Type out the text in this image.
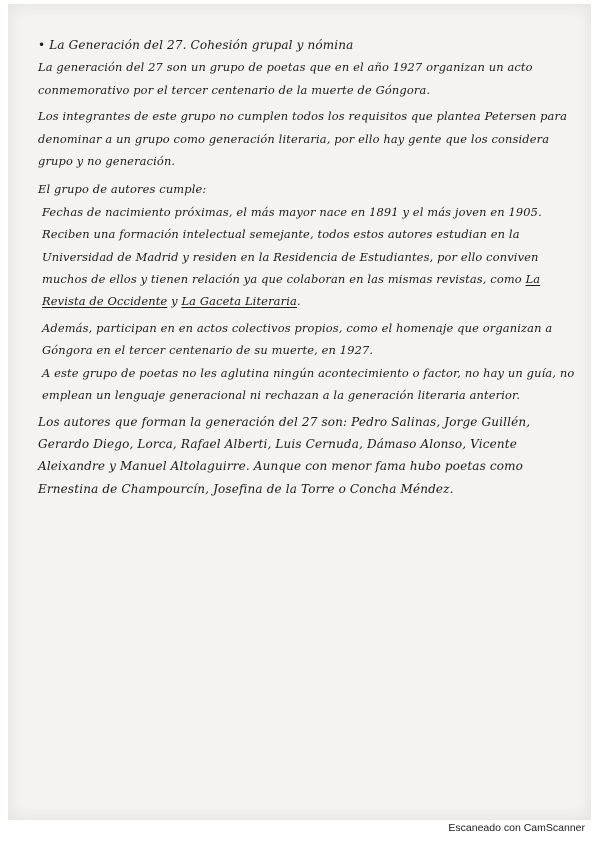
• La Generación del 27. Cohesión grupal y nómina

La generación del 27 son un grupo de poetas que en el año 1927 organizan un acto conmemorativo por el tercer centenario de la muerte de Góngora.

Los integrantes de este grupo no cumplen todos los requisitos que plantea Petersen para denominar a un grupo como generación literaria, por ello hay gente que los considera grupo y no generación.

El grupo de autores cumple:

Fechas de nacimiento próximas, el más mayor nace en 1891 y el más joven en 1905. Reciben una formación intelectual semejante, todos estos autores estudian en la Universidad de Madrid y residen en la Residencia de Estudiantes, por ello conviven muchos de ellos y tienen relación ya que colaboran en las mismas revistas, como La Revista de Occidente y La Gaceta Literaria.

Además, participan en en actos colectivos propios, como el homenaje que organizan a Góngora en el tercer centenario de su muerte, en 1927.

A este grupo de poetas no les aglutina ningún acontecimiento o factor, no hay un guía, no emplean un lenguaje generacional ni rechazan a la generación literaria anterior.

Los autores que forman la generación del 27 son: Pedro Salinas, Jorge Guillén, Gerardo Diego, Lorca, Rafael Alberti, Luis Cernuda, Dámaso Alonso, Vicente Aleixandre y Manuel Altolaguirre. Aunque con menor fama hubo poetas como Ernestina de Champourcín, Josefina de la Torre o Concha Méndez.

Escaneado con CamScanner
